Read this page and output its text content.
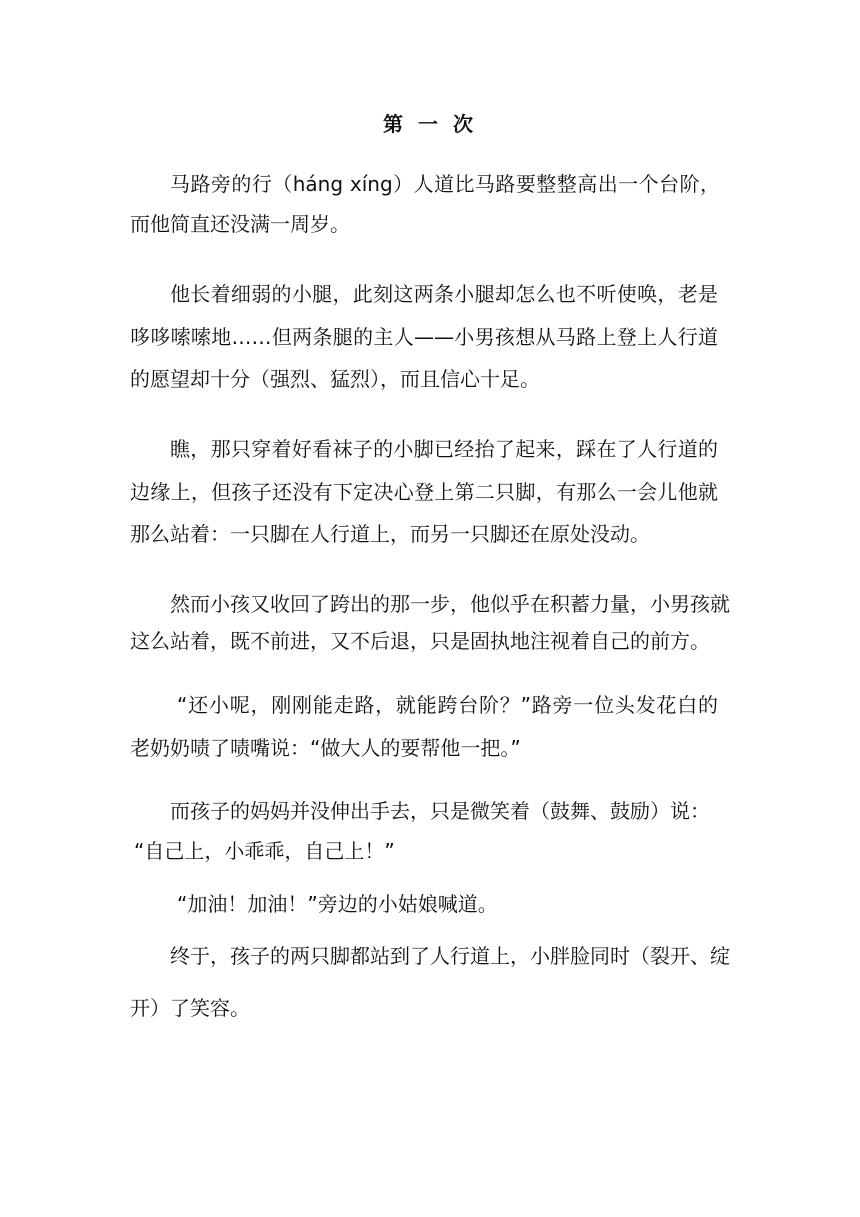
第 一 次
马路旁的行（háng xíng）人道比马路要整整高出一个台阶，
而他简直还没满一周岁。
他长着细弱的小腿，此刻这两条小腿却怎么也不听使唤，老是
哆哆嗦嗦地……但两条腿的主人——小男孩想从马路上登上人行道
的愿望却十分（强烈、猛烈），而且信心十足。
瞧，那只穿着好看袜子的小脚已经抬了起来，踩在了人行道的
边缘上，但孩子还没有下定决心登上第二只脚，有那么一会儿他就
那么站着：一只脚在人行道上，而另一只脚还在原处没动。
然而小孩又收回了跨出的那一步，他似乎在积蓄力量，小男孩就
这么站着，既不前进，又不后退，只是固执地注视着自己的前方。
“还小呢，刚刚能走路，就能跨台阶？”路旁一位头发花白的
老奶奶啧了啧嘴说：“做大人的要帮他一把。”
而孩子的妈妈并没伸出手去，只是微笑着（鼓舞、鼓励）说：
“自己上，小乖乖，自己上！”
“加油！加油！”旁边的小姑娘喊道。
终于，孩子的两只脚都站到了人行道上，小胖脸同时（裂开、绽
开）了笑容。
